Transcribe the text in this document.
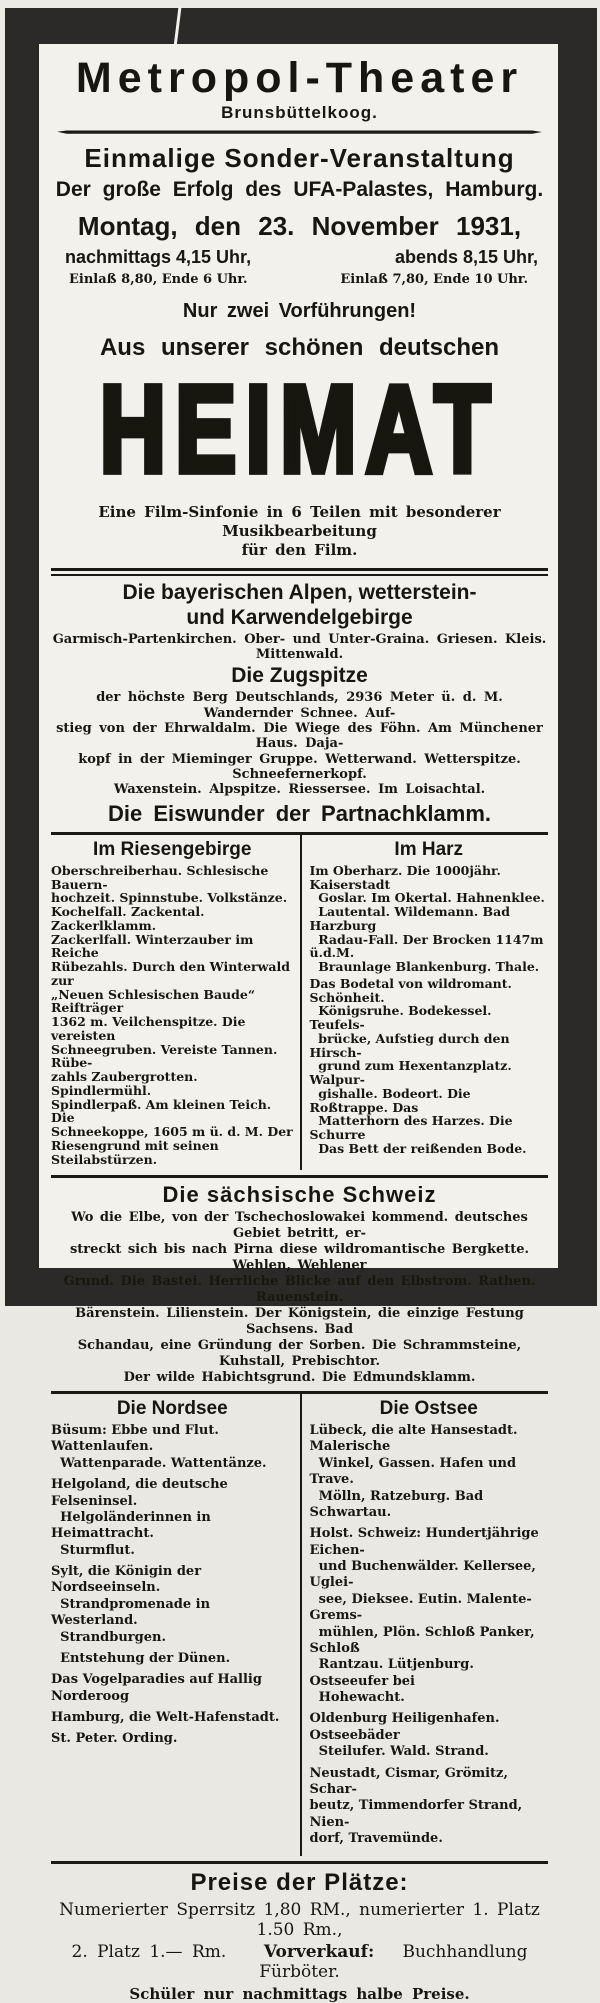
Metropol-Theater
Brunsbüttelkoog.
Einmalige Sonder-Veranstaltung
Der große Erfolg des UFA-Palastes, Hamburg.
Montag, den 23. November 1931,
nachmittags 4,15 Uhr,	abends 8,15 Uhr,
Einlaß 8,80, Ende 6 Uhr.	Einlaß 7,80, Ende 10 Uhr.
Nur zwei Vorführungen!
Aus unserer schönen deutschen
HEIMAT
Eine Film-Sinfonie in 6 Teilen mit besonderer Musikbearbeitung
für den Film.
Die bayerischen Alpen, wetterstein-
und Karwendelgebirge
Garmisch-Partenkirchen. Ober- und Unter-Graina. Griesen. Kleis. Mittenwald.
Die Zugspitze
der höchste Berg Deutschlands, 2936 Meter ü. d. M. Wandernder Schnee. Auf-
stieg von der Ehrwaldalm. Die Wiege des Föhn. Am Münchener Haus. Daja-
kopf in der Mieminger Gruppe. Wetterwand. Wetterspitze. Schneefernerkopf.
Waxenstein. Alpspitze. Riessersee. Im Loisachtal.
Die Eiswunder der Partnachklamm.
Im Riesengebirge
Oberschreiberhau. Schlesische Bauern-
hochzeit. Spinnstube. Volkstänze.
Kochelfall. Zackental. Zackerlklamm.
Zackerlfall. Winterzauber im Reiche
Rübezahls. Durch den Winterwald zur
„Neuen Schlesischen Baude“ Reifträger
1362 m. Veilchenspitze. Die vereisten
Schneegruben. Vereiste Tannen. Rübe-
zahls Zaubergrotten. Spindlermühl.
Spindlerpaß. Am kleinen Teich. Die
Schneekoppe, 1605 m ü. d. M. Der
Riesengrund mit seinen Steilabstürzen.
Im Harz
Im Oberharz. Die 1000jähr. Kaiserstadt
Goslar. Im Okertal. Hahnenklee.
Lautental. Wildemann. Bad Harzburg
Radau-Fall. Der Brocken 1147m ü.d.M.
Braunlage Blankenburg. Thale.
Das Bodetal von wildromant. Schönheit.
Königsruhe. Bodekessel. Teufels-
brücke, Aufstieg durch den Hirsch-
grund zum Hexentanzplatz. Walpur-
gishalle. Bodeort. Die Roßtrappe. Das
Matterhorn des Harzes. Die Schurre
Das Bett der reißenden Bode.
Die sächsische Schweiz
Wo die Elbe, von der Tschechoslowakei kommend. deutsches Gebiet betritt, er-
streckt sich bis nach Pirna diese wildromantische Bergkette. Wehlen, Wehlener
Grund. Die Bastei. Herrliche Blicke auf den Elbstrom. Rathen. Rauenstein.
Bärenstein. Lilienstein. Der Königstein, die einzige Festung Sachsens. Bad
Schandau, eine Gründung der Sorben. Die Schrammsteine, Kuhstall, Prebischtor.
Der wilde Habichtsgrund. Die Edmundsklamm.
Die Nordsee
Büsum: Ebbe und Flut. Wattenlaufen.
Wattenparade. Wattentänze.
Helgoland, die deutsche Felseninsel.
Helgoländerinnen in Heimattracht.
Sturmflut.
Sylt, die Königin der Nordseeinseln.
Strandpromenade in Westerland.
Strandburgen.
Entstehung der Dünen.
Das Vogelparadies auf Hallig Norderoog
Hamburg, die Welt-Hafenstadt.
St. Peter. Ording.
Die Ostsee
Lübeck, die alte Hansestadt. Malerische
Winkel, Gassen. Hafen und Trave.
Mölln, Ratzeburg. Bad Schwartau.
Holst. Schweiz: Hundertjährige Eichen-
und Buchenwälder. Kellersee, Uglei-
see, Dieksee. Eutin. Malente-Grems-
mühlen, Plön. Schloß Panker, Schloß
Rantzau. Lütjenburg. Ostseeufer bei
Hohewacht.
Oldenburg Heiligenhafen. Ostseebäder
Steilufer. Wald. Strand.
Neustadt, Cismar, Grömitz, Schar-
beutz, Timmendorfer Strand, Nien-
dorf, Travemünde.
Preise der Plätze:
Numerierter Sperrsitz 1,80 RM., numerierter 1. Platz 1.50 Rm.,
2. Platz 1.— Rm. Vorverkauf: Buchhandlung Fürböter.
Schüler nur nachmittags halbe Preise.
